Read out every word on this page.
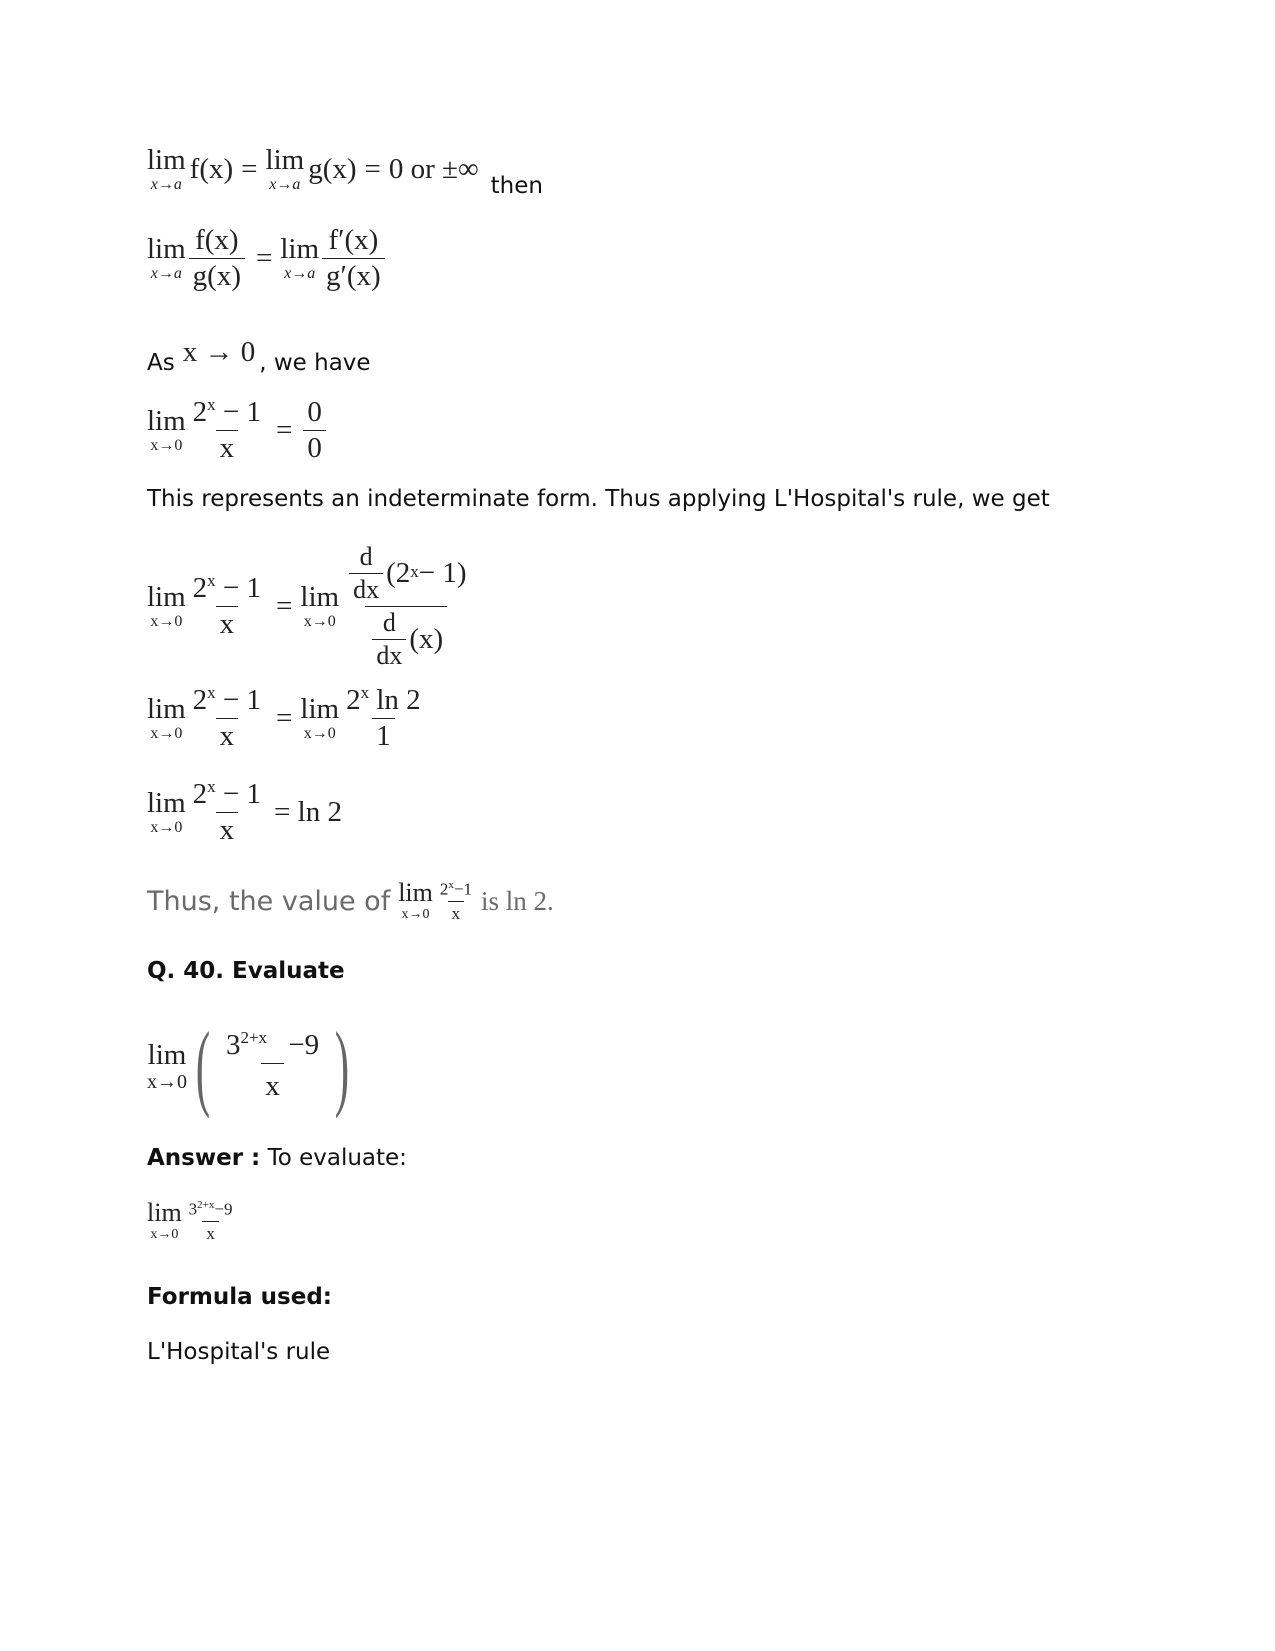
lim
x→a f(x) = lim
x→a g(x) = 0 or ±∞
then
lim
$x\to a \frac{f(x)}{g(x)} = \lim$
$x\to a \frac{f'(x)}{g'(x)}$
As x → 0 , we have
lim
$x\to 0 \frac{2^x - 1}{x} = \frac{0}{0}$
This represents an indeterminate form. Thus applying L'Hospital's rule, we get
lim
$x\to 0 \frac{2^x - 1}{x} = \lim$
$x\to 0 \frac{\frac{d}{dx} (2^x - 1)}{\frac{d}{dx} (x)}$
lim
$x\to 0 \frac{2^x - 1}{x} = \lim$
$x\to 0 \frac{2^x \ln 2}{1}$
lim
$x\to 0 \frac{2^x - 1}{x} = \ln 2$
Thus, the value of lim
$x\to 0 \frac{2^x-1}{x}$ is ln 2.
Q. 40. Evaluate
lim
x→0 ( $\frac{3^{2+x} -9}{x}$ )
Answer : To evaluate:
lim
$x\to 0 \frac{3^{2+x}-9}{x}$
Formula used:
L'Hospital's rule
